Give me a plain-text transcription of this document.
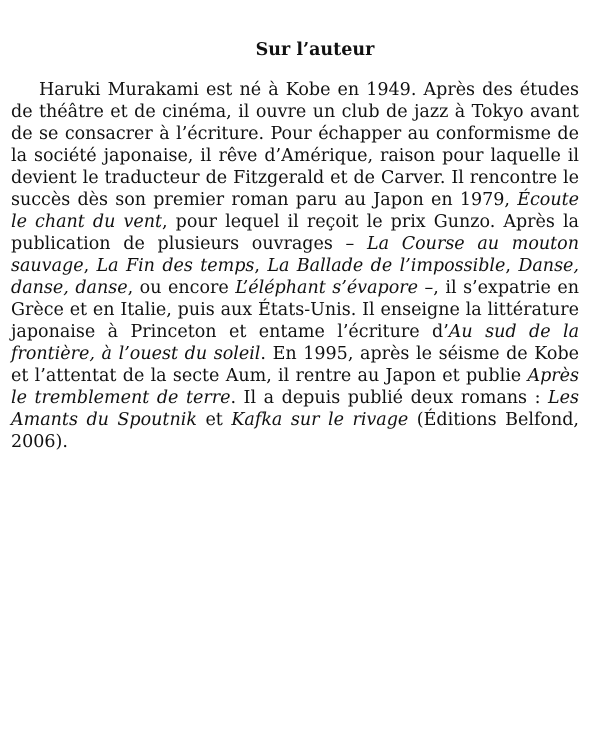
Sur l’auteur

Haruki Murakami est né à Kobe en 1949. Après des études de théâtre et de cinéma, il ouvre un club de jazz à Tokyo avant de se consacrer à l’écriture. Pour échapper au conformisme de la société japonaise, il rêve d’Amérique, raison pour laquelle il devient le traducteur de Fitzgerald et de Carver. Il rencontre le succès dès son premier roman paru au Japon en 1979, Écoute le chant du vent, pour lequel il reçoit le prix Gunzo. Après la publication de plusieurs ouvrages – La Course au mouton sauvage, La Fin des temps, La Ballade de l’impossible, Danse, danse, danse, ou encore L’éléphant s’évapore –, il s’expatrie en Grèce et en Italie, puis aux États-Unis. Il enseigne la littérature japonaise à Princeton et entame l’écriture d’Au sud de la frontière, à l’ouest du soleil. En 1995, après le séisme de Kobe et l’attentat de la secte Aum, il rentre au Japon et publie Après le tremblement de terre. Il a depuis publié deux romans : Les Amants du Spoutnik et Kafka sur le rivage (Éditions Belfond, 2006).
